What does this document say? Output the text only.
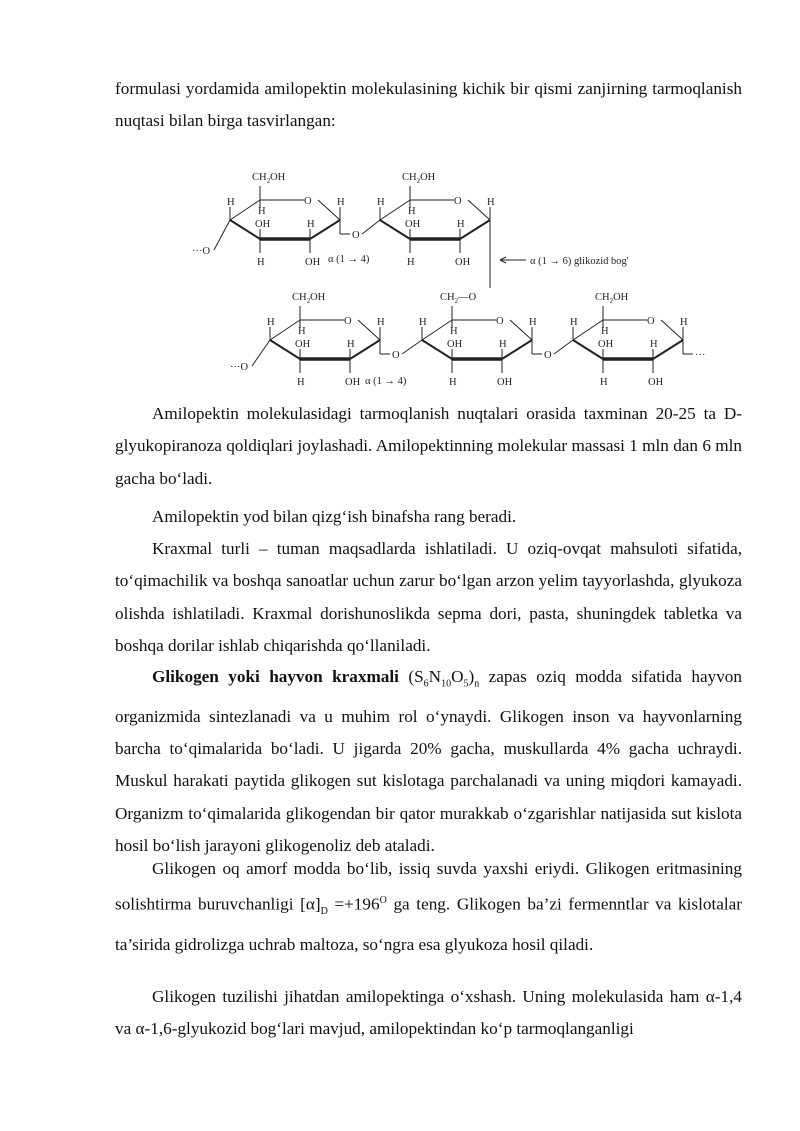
formulasi yordamida amilopektin molekulasining kichik bir qismi zanjirning tarmoqlanish nuqtasi bilan birga tasvirlangan:

O
$CH_2OH$
H
H
OH
H
H
OH
H	O
$CH_2OH$
H
H
OH
H
H
OH
H
O
$CH_2OH$
H
H
OH
H
H
OH
H	O
$CH_2—O$
H
H
OH
H
H
OH
H	O
$CH_2OH$
H
H
OH
H
H
OH
H
···O
O
α (1 → 4)	α (1 → 6) glikozid bog'
···O
O
α (1 → 4)
O	···

Amilopektin molekulasidagi tarmoqlanish nuqtalari orasida taxminan 20-25 ta D-glyukopiranoza qoldiqlari joylashadi. Amilopektinning molekular massasi 1 mln dan 6 mln gacha bo‘ladi.

Amilopektin yod bilan qizg‘ish binafsha rang beradi.

Kraxmal turli – tuman maqsadlarda ishlatiladi. U oziq-ovqat mahsuloti sifatida, to‘qimachilik va boshqa sanoatlar uchun zarur bo‘lgan arzon yelim tayyorlashda, glyukoza olishda ishlatiladi. Kraxmal dorishunoslikda sepma dori, pasta, shuningdek tabletka va boshqa dorilar ishlab chiqarishda qo‘llaniladi.

Glikogen yoki hayvon kraxmali $(S_6N_{10}O_5)_n$ zapas oziq modda sifatida hayvon organizmida sintezlanadi va u muhim rol o‘ynaydi. Glikogen inson va hayvonlarning barcha to‘qimalarida bo‘ladi. U jigarda 20% gacha, muskullarda 4% gacha uchraydi. Muskul harakati paytida glikogen sut kislotaga parchalanadi va uning miqdori kamayadi. Organizm to‘qimalarida glikogendan bir qator murakkab o‘zgarishlar natijasida sut kislota hosil bo‘lish jarayoni glikogenoliz deb ataladi.

Glikogen oq amorf modda bo‘lib, issiq suvda yaxshi eriydi. Glikogen eritmasining solishtirma buruvchanligi $[\alpha]_D =+196^O$ ga teng. Glikogen ba’zi fermenntlar va kislotalar ta’sirida gidrolizga uchrab maltoza, so‘ngra esa glyukoza hosil qiladi.

Glikogen tuzilishi jihatdan amilopektinga o‘xshash. Uning molekulasida ham α-1,4 va α-1,6-glyukozid bog‘lari mavjud, amilopektindan ko‘p tarmoqlanganligi
